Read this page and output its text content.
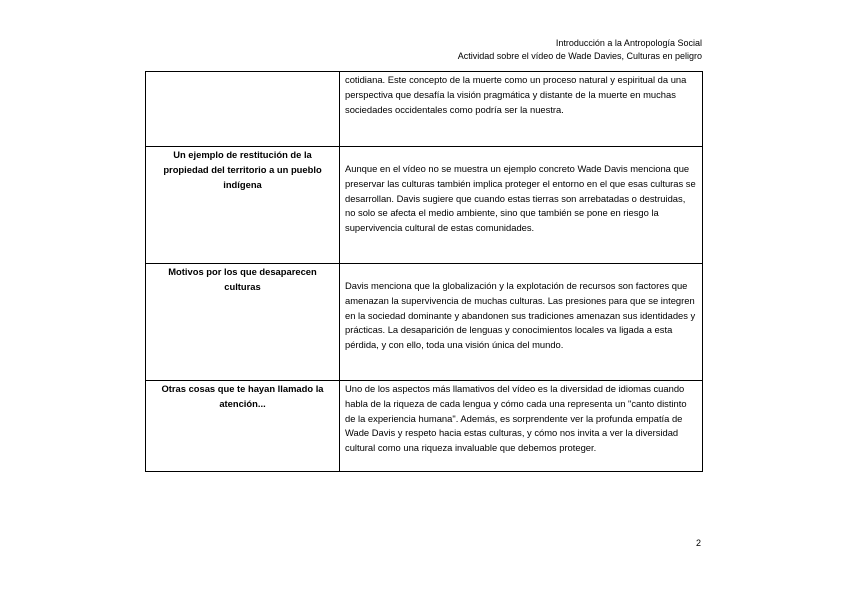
Introducción a la Antropología Social
Actividad sobre el vídeo de Wade Davies, Culturas en peligro
	cotidiana. Este concepto de la muerte como un proceso natural y espiritual da una perspectiva que desafía la visión pragmática y distante de la muerte en muchas sociedades occidentales como podría ser la nuestra.
Un ejemplo de restitución de la propiedad del territorio a un pueblo indígena	Aunque en el vídeo no se muestra un ejemplo concreto Wade Davis menciona que preservar las culturas también implica proteger el entorno en el que esas culturas se desarrollan. Davis sugiere que cuando estas tierras son arrebatadas o destruidas, no solo se afecta el medio ambiente, sino que también se pone en riesgo la supervivencia cultural de estas comunidades.

Motivos por los que desaparecen culturas	Davis menciona que la globalización y la explotación de recursos son factores que amenazan la supervivencia de muchas culturas. Las presiones para que se integren en la sociedad dominante y abandonen sus tradiciones amenazan sus identidades y prácticas. La desaparición de lenguas y conocimientos locales va ligada a esta pérdida, y con ello, toda una visión única del mundo.

Otras cosas que te hayan llamado la atención...	Uno de los aspectos más llamativos del vídeo es la diversidad de idiomas cuando habla de la riqueza de cada lengua y cómo cada una representa un "canto distinto de la experiencia humana". Además, es sorprendente ver la profunda empatía de Wade Davis y respeto hacia estas culturas, y cómo nos invita a ver la diversidad cultural como una riqueza invaluable que debemos proteger.
2
